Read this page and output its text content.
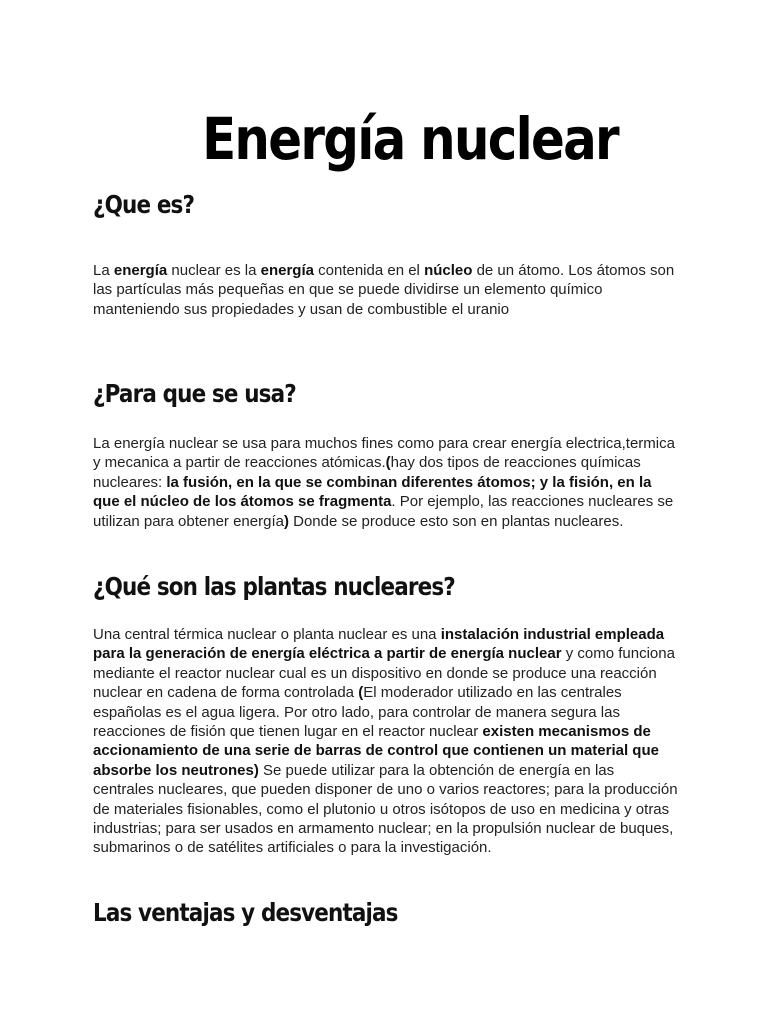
Energía nuclear
¿Que es?

La energía nuclear es la energía contenida en el núcleo de un átomo. Los átomos son las partículas más pequeñas en que se puede dividirse un elemento químico manteniendo sus propiedades y usan de combustible el uranio

¿Para que se usa?

La energía nuclear se usa para muchos fines como para crear energía electrica,termica y mecanica a partir de reacciones atómicas.(hay dos tipos de reacciones químicas nucleares: la fusión, en la que se combinan diferentes átomos; y la fisión, en la que el núcleo de los átomos se fragmenta. Por ejemplo, las reacciones nucleares se utilizan para obtener energía) Donde se produce esto son en plantas nucleares.

¿Qué son las plantas nucleares?

Una central térmica nuclear o planta nuclear es una instalación industrial empleada para la generación de energía eléctrica a partir de energía nuclear y como funciona mediante el reactor nuclear cual es un dispositivo en donde se produce una reacción nuclear en cadena de forma controlada (El moderador utilizado en las centrales españolas es el agua ligera. Por otro lado, para controlar de manera segura las reacciones de fisión que tienen lugar en el reactor nuclear existen mecanismos de accionamiento de una serie de barras de control que contienen un material que absorbe los neutrones) Se puede utilizar para la obtención de energía en las centrales nucleares, que pueden disponer de uno o varios reactores; para la producción de materiales fisionables, como el plutonio u otros isótopos de uso en medicina y otras industrias; para ser usados en armamento nuclear; en la propulsión nuclear de buques, submarinos o de satélites artificiales o para la investigación.

Las ventajas y desventajas
